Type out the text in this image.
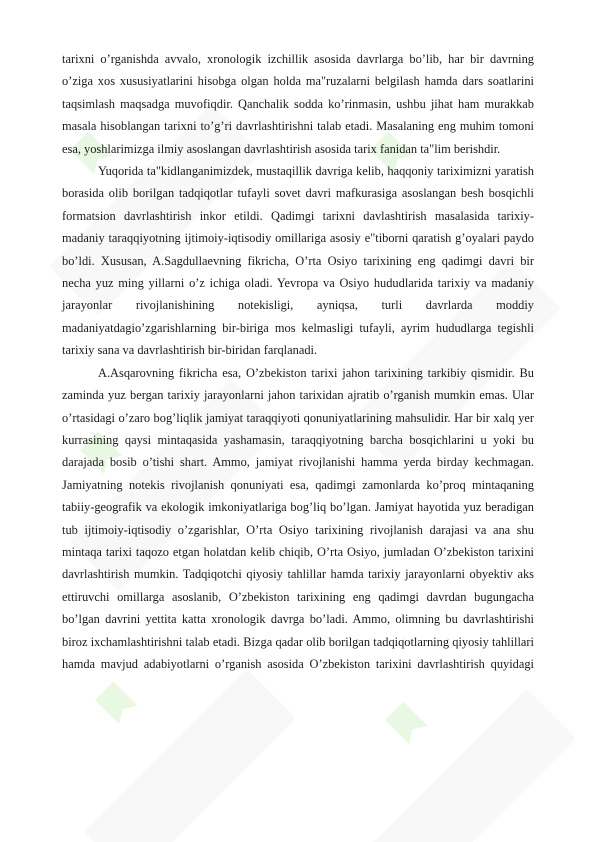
tarixni o’rganishda avvalo, xronologik izchillik asosida davrlarga bo’lib, har bir davrning o’ziga xos xususiyatlarini hisobga olgan holda ma"ruzalarni belgilash hamda dars soatlarini taqsimlash maqsadga muvofiqdir. Qanchalik sodda ko’rinmasin, ushbu jihat ham murakkab masala hisoblangan tarixni to’g’ri davrlashtirishni talab etadi. Masalaning eng muhim tomoni esa, yoshlarimizga ilmiy asoslangan davrlashtirish asosida tarix fanidan ta"lim berishdir.

Yuqorida ta"kidlanganimizdek, mustaqillik davriga kelib, haqqoniy tariximizni yaratish borasida olib borilgan tadqiqotlar tufayli sovet davri mafkurasiga asoslangan besh bosqichli formatsion davrlashtirish inkor etildi. Qadimgi tarixni davlashtirish masalasida tarixiy-madaniy taraqqiyotning ijtimoiy-iqtisodiy omillariga asosiy e"tiborni qaratish g’oyalari paydo bo’ldi. Xususan, A.Sagdullaevning fikricha, O’rta Osiyo tarixining eng qadimgi davri bir necha yuz ming yillarni o’z ichiga oladi. Yevropa va Osiyo hududlarida tarixiy va madaniy jarayonlar rivojlanishining notekisligi, ayniqsa, turli davrlarda moddiy madaniyatdagio’zgarishlarning bir-biriga mos kelmasligi tufayli, ayrim hududlarga tegishli tarixiy sana va davrlashtirish bir-biridan farqlanadi.

A.Asqarovning fikricha esa, O’zbekiston tarixi jahon tarixining tarkibiy qismidir. Bu zaminda yuz bergan tarixiy jarayonlarni jahon tarixidan ajratib o’rganish mumkin emas. Ular o’rtasidagi o’zaro bog’liqlik jamiyat taraqqiyoti qonuniyatlarining mahsulidir. Har bir xalq yer kurrasining qaysi mintaqasida yashamasin, taraqqiyotning barcha bosqichlarini u yoki bu darajada bosib o’tishi shart. Ammo, jamiyat rivojlanishi hamma yerda birday kechmagan. Jamiyatning notekis rivojlanish qonuniyati esa, qadimgi zamonlarda ko’proq mintaqaning tabiiy-geografik va ekologik imkoniyatlariga bog’liq bo’lgan. Jamiyat hayotida yuz beradigan tub ijtimoiy-iqtisodiy o’zgarishlar, O’rta Osiyo tarixining rivojlanish darajasi va ana shu mintaqa tarixi taqozo etgan holatdan kelib chiqib, O’rta Osiyo, jumladan O’zbekiston tarixini davrlashtirish mumkin. Tadqiqotchi qiyosiy tahlillar hamda tarixiy jarayonlarni obyektiv aks ettiruvchi omillarga asoslanib, O’zbekiston tarixining eng qadimgi davrdan bugungacha bo’lgan davrini yettita katta xronologik davrga bo’ladi. Ammo, olimning bu davrlashtirishi biroz ixchamlashtirishni talab etadi. Bizga qadar olib borilgan tadqiqotlarning qiyosiy tahlillari hamda mavjud adabiyotlarni o’rganish asosida O’zbekiston tarixini davrlashtirish quyidagi
